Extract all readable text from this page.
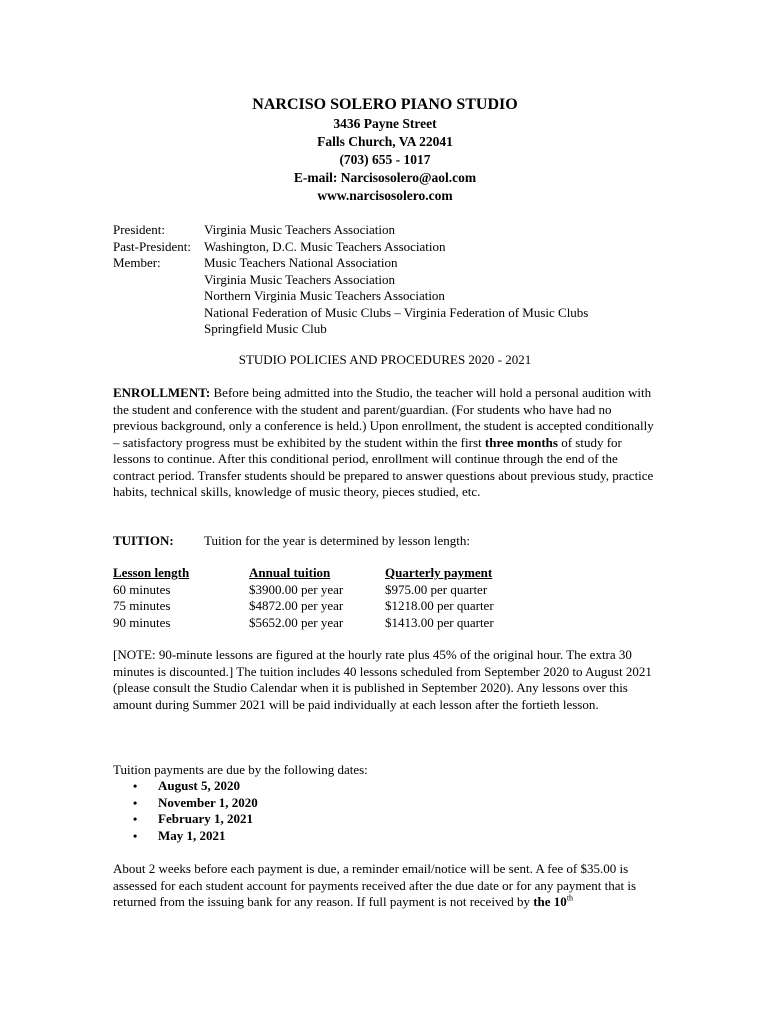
NARCISO SOLERO PIANO STUDIO
3436 Payne Street
Falls Church, VA 22041
(703) 655 - 1017
E-mail: Narcisosolero@aol.com
www.narcisosolero.com
President:	Virginia Music Teachers Association
Past-President:	Washington, D.C. Music Teachers Association
Member:	Music Teachers National Association
Virginia Music Teachers Association
Northern Virginia Music Teachers Association
National Federation of Music Clubs – Virginia Federation of Music Clubs
Springfield Music Club
STUDIO POLICIES AND PROCEDURES 2020 - 2021

ENROLLMENT: Before being admitted into the Studio, the teacher will hold a personal audition with the student and conference with the student and parent/guardian. (For students who have had no previous background, only a conference is held.) Upon enrollment, the student is accepted conditionally – satisfactory progress must be exhibited by the student within the first three months of study for lessons to continue. After this conditional period, enrollment will continue through the end of the contract period. Transfer students should be prepared to answer questions about previous study, practice habits, technical skills, knowledge of music theory, pieces studied, etc.

TUITION:	Tuition for the year is determined by lesson length:
Lesson length	Annual tuition	Quarterly payment
60 minutes	$3900.00 per year	$975.00 per quarter
75 minutes	$4872.00 per year	$1218.00 per quarter
90 minutes	$5652.00 per year	$1413.00 per quarter

[NOTE: 90-minute lessons are figured at the hourly rate plus 45% of the original hour. The extra 30 minutes is discounted.] The tuition includes 40 lessons scheduled from September 2020 to August 2021 (please consult the Studio Calendar when it is published in September 2020). Any lessons over this amount during Summer 2021 will be paid individually at each lesson after the fortieth lesson.

Tuition payments are due by the following dates:

•	August 5, 2020
•	November 1, 2020
•	February 1, 2021
•	May 1, 2021

About 2 weeks before each payment is due, a reminder email/notice will be sent. A fee of $35.00 is assessed for each student account for payments received after the due date or for any payment that is returned from the issuing bank for any reason. If full payment is not received by the 10th
